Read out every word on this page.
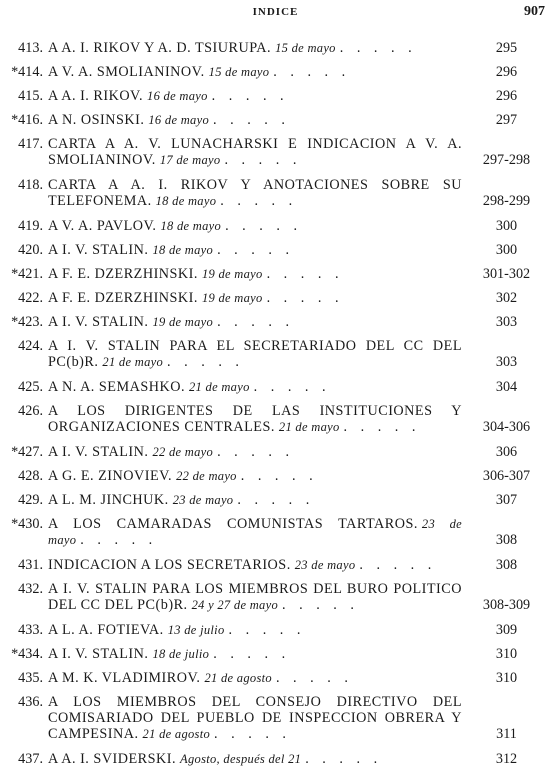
INDICE	907
413. A A. I. RIKOV Y A. D. TSIURUPA. 15 de mayo . . . . .	295
*414. A V. A. SMOLIANINOV. 15 de mayo . . . . .	296
415. A A. I. RIKOV. 16 de mayo . . . . .	296
*416. A N. OSINSKI. 16 de mayo . . . . .	297
417. CARTA A A. V. LUNACHARSKI E INDICACION A V. A. SMOLIANINOV. 17 de mayo . . . . .	297-298
418. CARTA A A. I. RIKOV Y ANOTACIONES SOBRE SU TELEFONEMA. 18 de mayo . . . . .	298-299
419. A V. A. PAVLOV. 18 de mayo . . . . .	300
420. A I. V. STALIN. 18 de mayo . . . . .	300
*421. A F. E. DZERZHINSKI. 19 de mayo . . . . .	301-302
422. A F. E. DZERZHINSKI. 19 de mayo . . . . .	302
*423. A I. V. STALIN. 19 de mayo . . . . .	303
424. A I. V. STALIN PARA EL SECRETARIADO DEL CC DEL PC(b)R. 21 de mayo . . . . .	303
425. A N. A. SEMASHKO. 21 de mayo . . . . .	304
426. A LOS DIRIGENTES DE LAS INSTITUCIONES Y ORGANIZACIONES CENTRALES. 21 de mayo . . . . .	304-306
*427. A I. V. STALIN. 22 de mayo . . . . .	306
428. A G. E. ZINOVIEV. 22 de mayo . . . . .	306-307
429. A L. M. JINCHUK. 23 de mayo . . . . .	307
*430. A LOS CAMARADAS COMUNISTAS TARTAROS. 23 de mayo . . . . .	308
431. INDICACION A LOS SECRETARIOS. 23 de mayo . . . . .	308
432. A I. V. STALIN PARA LOS MIEMBROS DEL BURO POLITICO DEL CC DEL PC(b)R. 24 y 27 de mayo . . . . .	308-309
433. A L. A. FOTIEVA. 13 de julio . . . . .	309
*434. A I. V. STALIN. 18 de julio . . . . .	310
435. A M. K. VLADIMIROV. 21 de agosto . . . . .	310
436. A LOS MIEMBROS DEL CONSEJO DIRECTIVO DEL COMISARIADO DEL PUEBLO DE INSPECCION OBRERA Y CAMPESINA. 21 de agosto . . . . .	311
437. A A. I. SVIDERSKI. Agosto, después del 21 . . . . .	312
